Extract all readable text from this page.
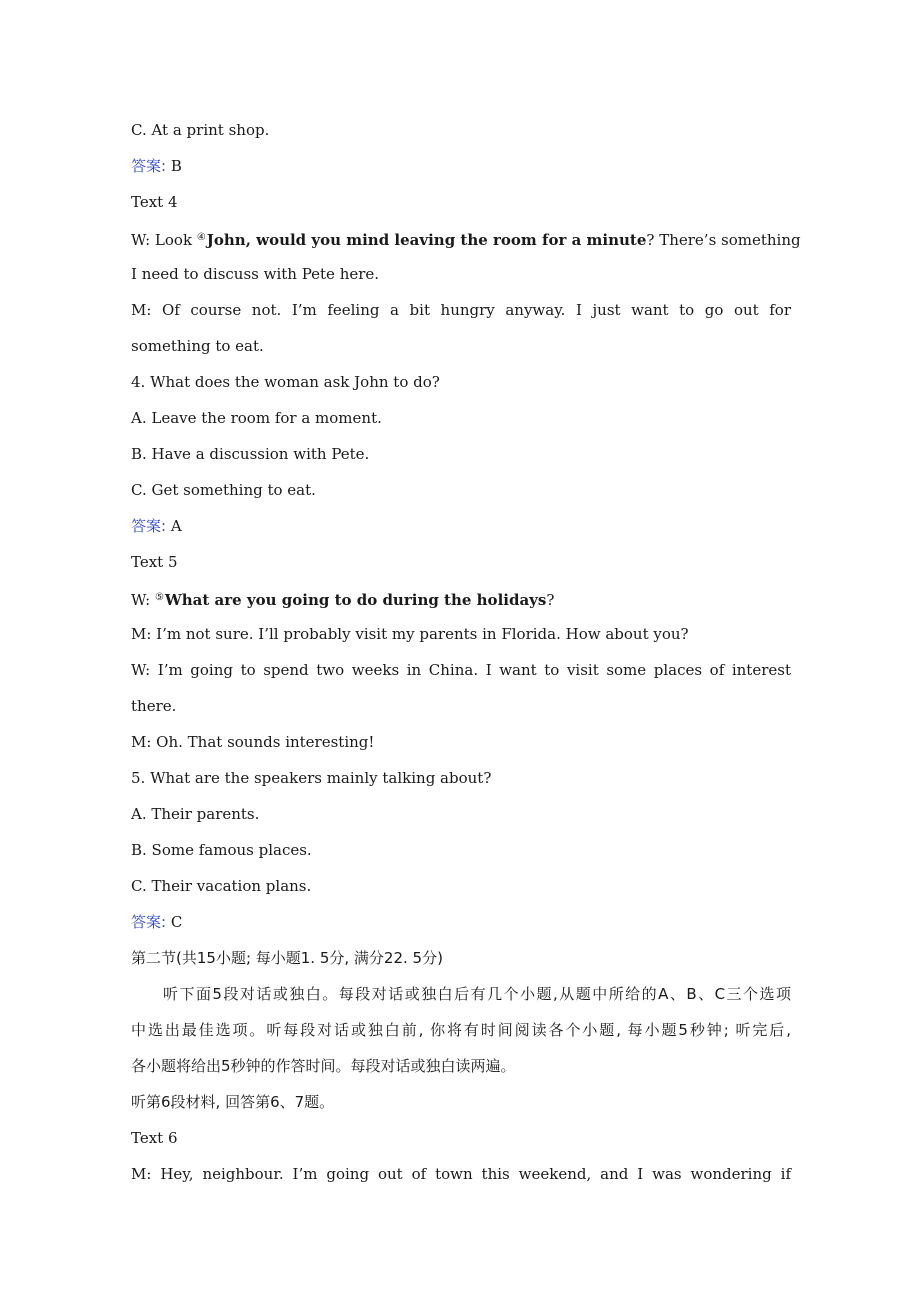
C. At a print shop.
答案: B
Text 4
W: Look ④John, would you mind leaving the room for a minute? There’s something
I need to discuss with Pete here.
M: Of course not. I’m feeling a bit hungry anyway. I just want to go out for
something to eat.
4. What does the woman ask John to do?
A. Leave the room for a moment.
B. Have a discussion with Pete.
C. Get something to eat.
答案: A
Text 5
W: ⑤What are you going to do during the holidays?
M: I’m not sure. I’ll probably visit my parents in Florida. How about you?
W: I’m going to spend two weeks in China. I want to visit some places of interest
there.
M: Oh. That sounds interesting!
5. What are the speakers mainly talking about?
A. Their parents.
B. Some famous places.
C. Their vacation plans.
答案: C
第二节(共15小题; 每小题1. 5分, 满分22. 5分)
听下面5段对话或独白。每段对话或独白后有几个小题,从题中所给的A、B、C三个选项
中选出最佳选项。听每段对话或独白前, 你将有时间阅读各个小题, 每小题5秒钟; 听完后,
各小题将给出5秒钟的作答时间。每段对话或独白读两遍。
听第6段材料, 回答第6、7题。
Text 6
M: Hey, neighbour. I’m going out of town this weekend, and I was wondering if
